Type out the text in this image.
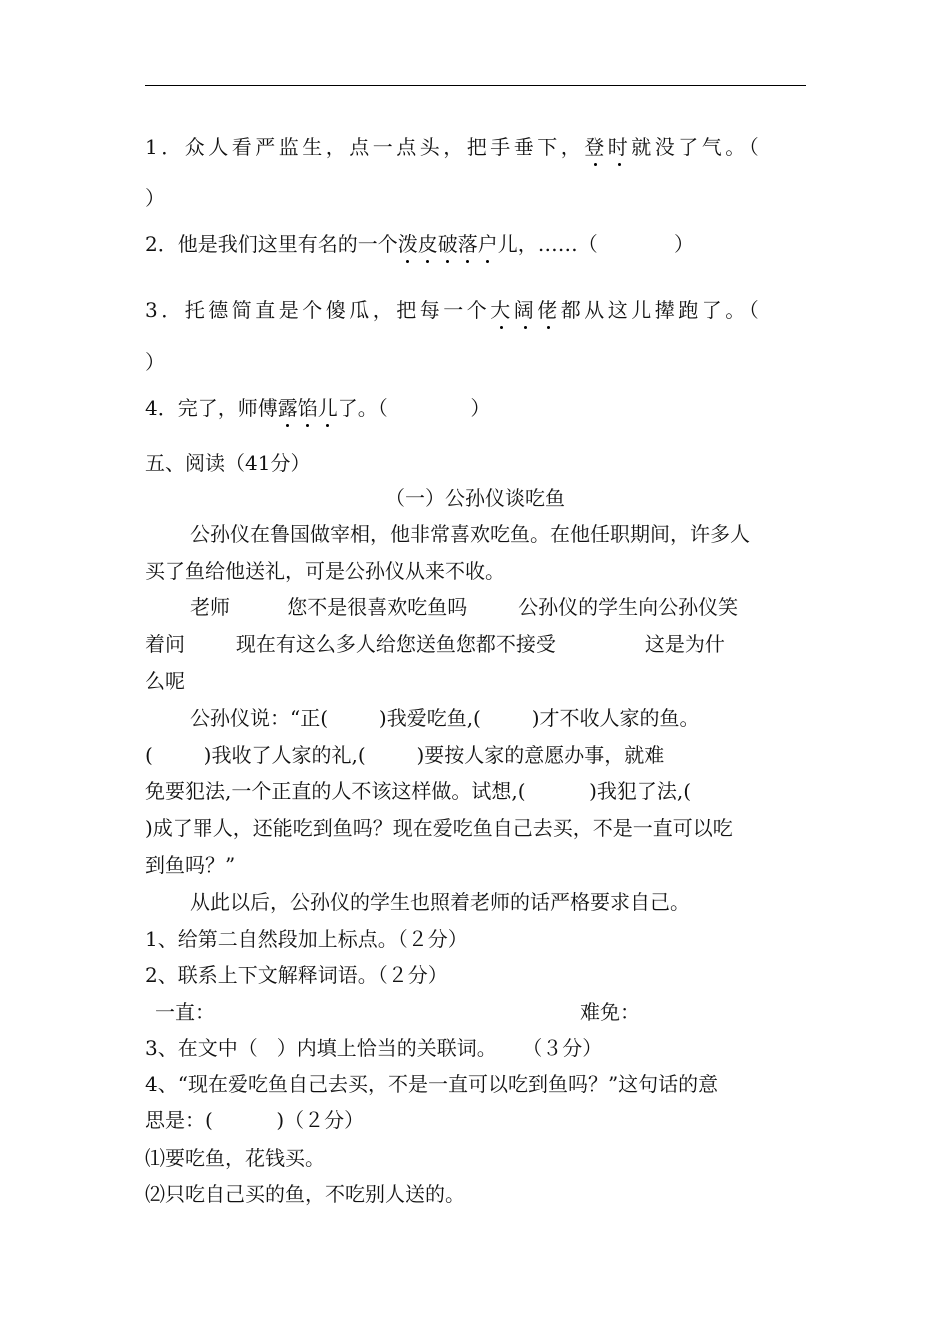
1．众人看严监生，点一点头，把手垂下，登时就没了气。（
）
2．他是我们这里有名的一个泼皮破落户儿，……（            ）
3．托德简直是个傻瓜，把每一个大阔佬都从这儿撵跑了。（
）
4．完了，师傅露馅儿了。（             ）
五、阅读（41分）
（一）公孙仪谈吃鱼
公孙仪在鲁国做宰相，他非常喜欢吃鱼。在他任职期间，许多人
买了鱼给他送礼，可是公孙仪从来不收。
老师         您不是很喜欢吃鱼吗        公孙仪的学生向公孙仪笑
着问        现在有这么多人给您送鱼您都不接受              这是为什
么呢
公孙仪说：“正(        )我爱吃鱼,(        )才不收人家的鱼。
(        )我收了人家的礼,(        )要按人家的意愿办事，就难
免要犯法,一个正直的人不该这样做。试想,(          )我犯了法,(
)成了罪人，还能吃到鱼吗？现在爱吃鱼自己去买，不是一直可以吃
到鱼吗？”
从此以后，公孙仪的学生也照着老师的话严格要求自己。
1、给第二自然段加上标点。（２分）
2、联系上下文解释词语。（２分）
一直：	难免：
3、在文中（   ）内填上恰当的关联词。    （３分）
4、“现在爱吃鱼自己去买，不是一直可以吃到鱼吗？”这句话的意
思是：(          )（２分）
⑴要吃鱼，花钱买。
⑵只吃自己买的鱼，不吃别人送的。
